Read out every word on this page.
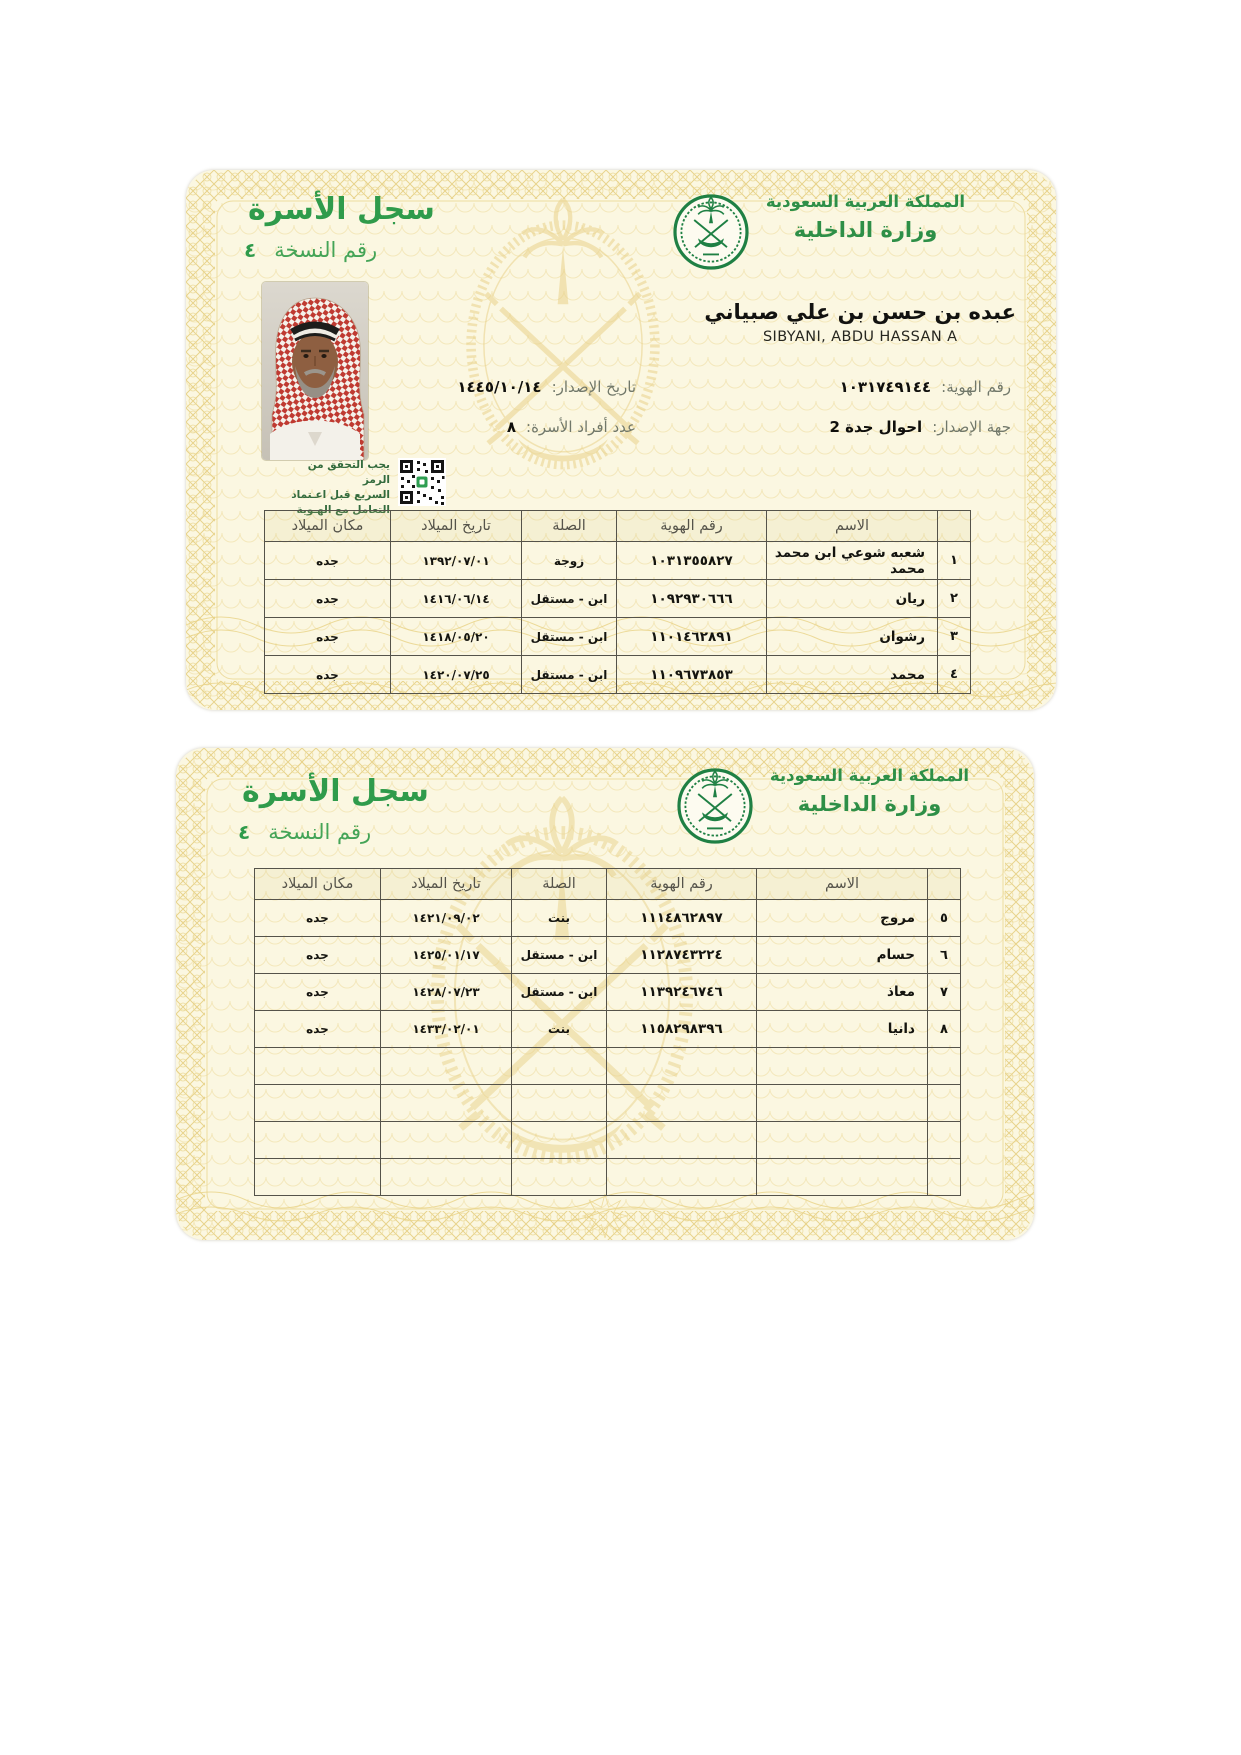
سجل الأسرة
رقم النسخة
٤
المملكة العربية السعودية
وزارة الداخلية
عبده بن حسن بن علي صبياني
SIBYANI, ABDU HASSAN A
رقم الهوية:
١٠٣١٧٤٩١٤٤
تاريخ الإصدار:
١٤٤٥/١٠/١٤
جهة الإصدار:
احوال جدة 2
عدد أفراد الأسرة:
٨
يجب التحقق من الرمز
السريع قبل اعـتماد
التعامل مع الهـوية
	الاسم	رقم الهوية	الصلة	تاريخ الميلاد	مكان الميلاد
١	شعبه شوعي ابن محمد محمد	١٠٣١٣٥٥٨٢٧	زوجة	١٣٩٢/٠٧/٠١	جده
٢	ريان	١٠٩٢٩٣٠٦٦٦	ابن - مستقل	١٤١٦/٠٦/١٤	جده
٣	رشوان	١١٠١٤٦٢٨٩١	ابن - مستقل	١٤١٨/٠٥/٢٠	جده
٤	محمد	١١٠٩٦٧٣٨٥٣	ابن - مستقل	١٤٢٠/٠٧/٢٥	جده
سجل الأسرة
رقم النسخة
٤
المملكة العربية السعودية
وزارة الداخلية
	الاسم	رقم الهوية	الصلة	تاريخ الميلاد	مكان الميلاد
٥	مروج	١١١٤٨٦٢٨٩٧	بنت	١٤٢١/٠٩/٠٢	جده
٦	حسام	١١٢٨٧٤٣٢٢٤	ابن - مستقل	١٤٢٥/٠١/١٧	جده
٧	معاذ	١١٣٩٢٤٦٧٤٦	ابن - مستقل	١٤٢٨/٠٧/٢٣	جده
٨	دانيا	١١٥٨٢٩٨٣٩٦	بنت	١٤٣٣/٠٢/٠١	جده
